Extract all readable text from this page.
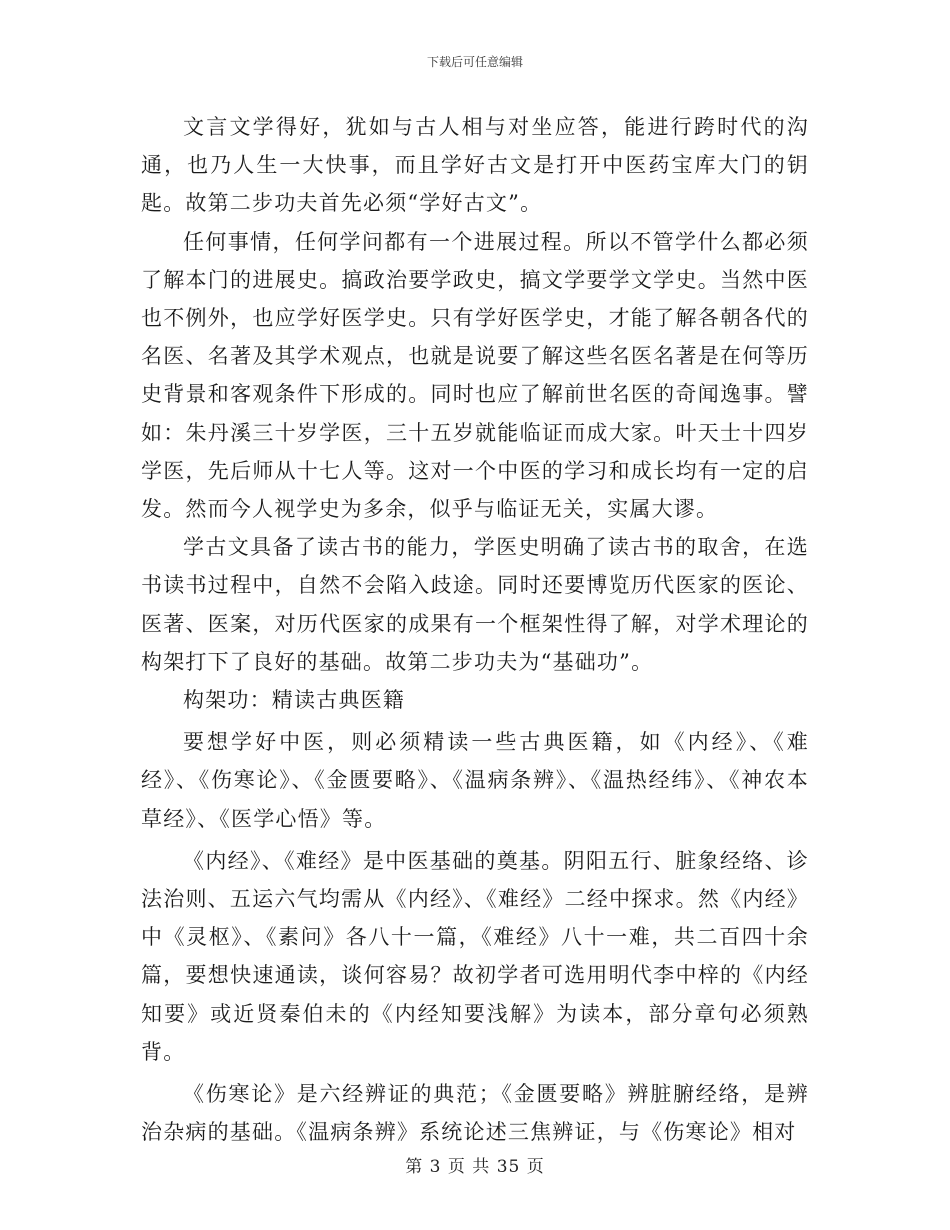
下载后可任意编辑

文言文学得好，犹如与古人相与对坐应答，能进行跨时代的沟通，也乃人生一大快事，而且学好古文是打开中医药宝库大门的钥匙。故第二步功夫首先必须“学好古文”。

任何事情，任何学问都有一个进展过程。所以不管学什么都必须了解本门的进展史。搞政治要学政史，搞文学要学文学史。当然中医也不例外，也应学好医学史。只有学好医学史，才能了解各朝各代的名医、名著及其学术观点，也就是说要了解这些名医名著是在何等历史背景和客观条件下形成的。同时也应了解前世名医的奇闻逸事。譬如：朱丹溪三十岁学医，三十五岁就能临证而成大家。叶天士十四岁学医，先后师从十七人等。这对一个中医的学习和成长均有一定的启发。然而今人视学史为多余，似乎与临证无关，实属大谬。

学古文具备了读古书的能力，学医史明确了读古书的取舍，在选书读书过程中，自然不会陷入歧途。同时还要博览历代医家的医论、医著、医案，对历代医家的成果有一个框架性得了解，对学术理论的构架打下了良好的基础。故第二步功夫为“基础功”。

构架功：精读古典医籍

要想学好中医，则必须精读一些古典医籍，如《内经》、《难经》、《伤寒论》、《金匮要略》、《温病条辨》、《温热经纬》、《神农本草经》、《医学心悟》等。

《内经》、《难经》是中医基础的奠基。阴阳五行、脏象经络、诊法治则、五运六气均需从《内经》、《难经》二经中探求。然《内经》中《灵枢》、《素问》各八十一篇，《难经》八十一难，共二百四十余篇，要想快速通读，谈何容易？故初学者可选用明代李中梓的《内经知要》或近贤秦伯未的《内经知要浅解》为读本，部分章句必须熟背。

《伤寒论》是六经辨证的典范；《金匮要略》辨脏腑经络，是辨治杂病的基础。《温病条辨》系统论述三焦辨证，与《伤寒论》相对

第 3 页 共 35 页
